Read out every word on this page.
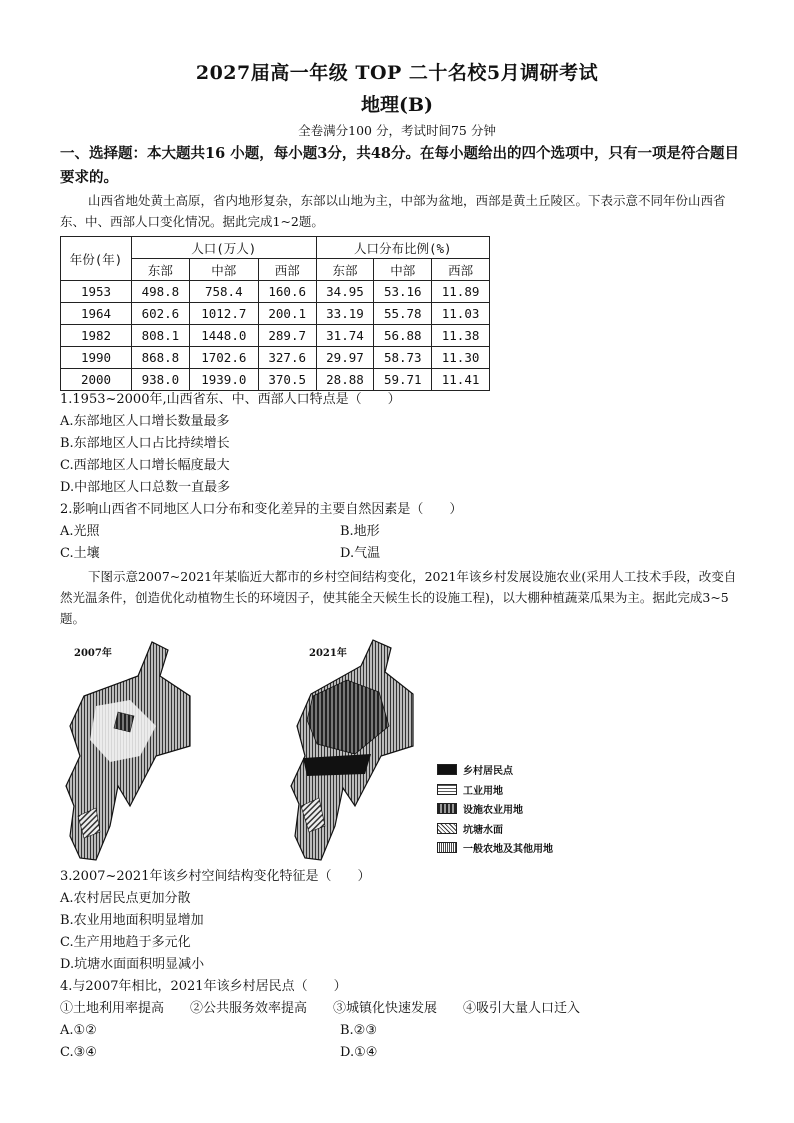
2027届高一年级 TOP 二十名校5月调研考试
地理(B)
全卷满分100 分，考试时间75 分钟
一、选择题：本大题共16 小题，每小题3分，共48分。在每小题给出的四个选项中，只有一项是符合题目要求的。
山西省地处黄土高原，省内地形复杂，东部以山地为主，中部为盆地，西部是黄土丘陵区。下表示意不同年份山西省东、中、西部人口变化情况。据此完成1~2题。
年份(年)	人口(万人)			人口分布比例(%)		
	东部	中部	西部	东部	中部	西部
1953	498.8	758.4	160.6	34.95	53.16	11.89
1964	602.6	1012.7	200.1	33.19	55.78	11.03
1982	808.1	1448.0	289.7	31.74	56.88	11.38
1990	868.8	1702.6	327.6	29.97	58.73	11.30
2000	938.0	1939.0	370.5	28.88	59.71	11.41
1.1953~2000年,山西省东、中、西部人口特点是（　　）
A.东部地区人口增长数量最多
B.东部地区人口占比持续增长
C.西部地区人口增长幅度最大
D.中部地区人口总数一直最多
2.影响山西省不同地区人口分布和变化差异的主要自然因素是（　　）
A.光照	B.地形
C.土壤	D.气温
下图示意2007~2021年某临近大都市的乡村空间结构变化，2021年该乡村发展设施农业(采用人工技术手段，改变自然光温条件，创造优化动植物生长的环境因子，使其能全天候生长的设施工程)，以大棚种植蔬菜瓜果为主。据此完成3~5题。
2007年	2021年
乡村居民点
工业用地
设施农业用地
坑塘水面
一般农地及其他用地
3.2007~2021年该乡村空间结构变化特征是（　　）
A.农村居民点更加分散
B.农业用地面积明显增加
C.生产用地趋于多元化
D.坑塘水面面积明显减小
4.与2007年相比，2021年该乡村居民点（　　）
①土地利用率提高　　②公共服务效率提高　　③城镇化快速发展　　④吸引大量人口迁入
A.①②	B.②③
C.③④	D.①④
